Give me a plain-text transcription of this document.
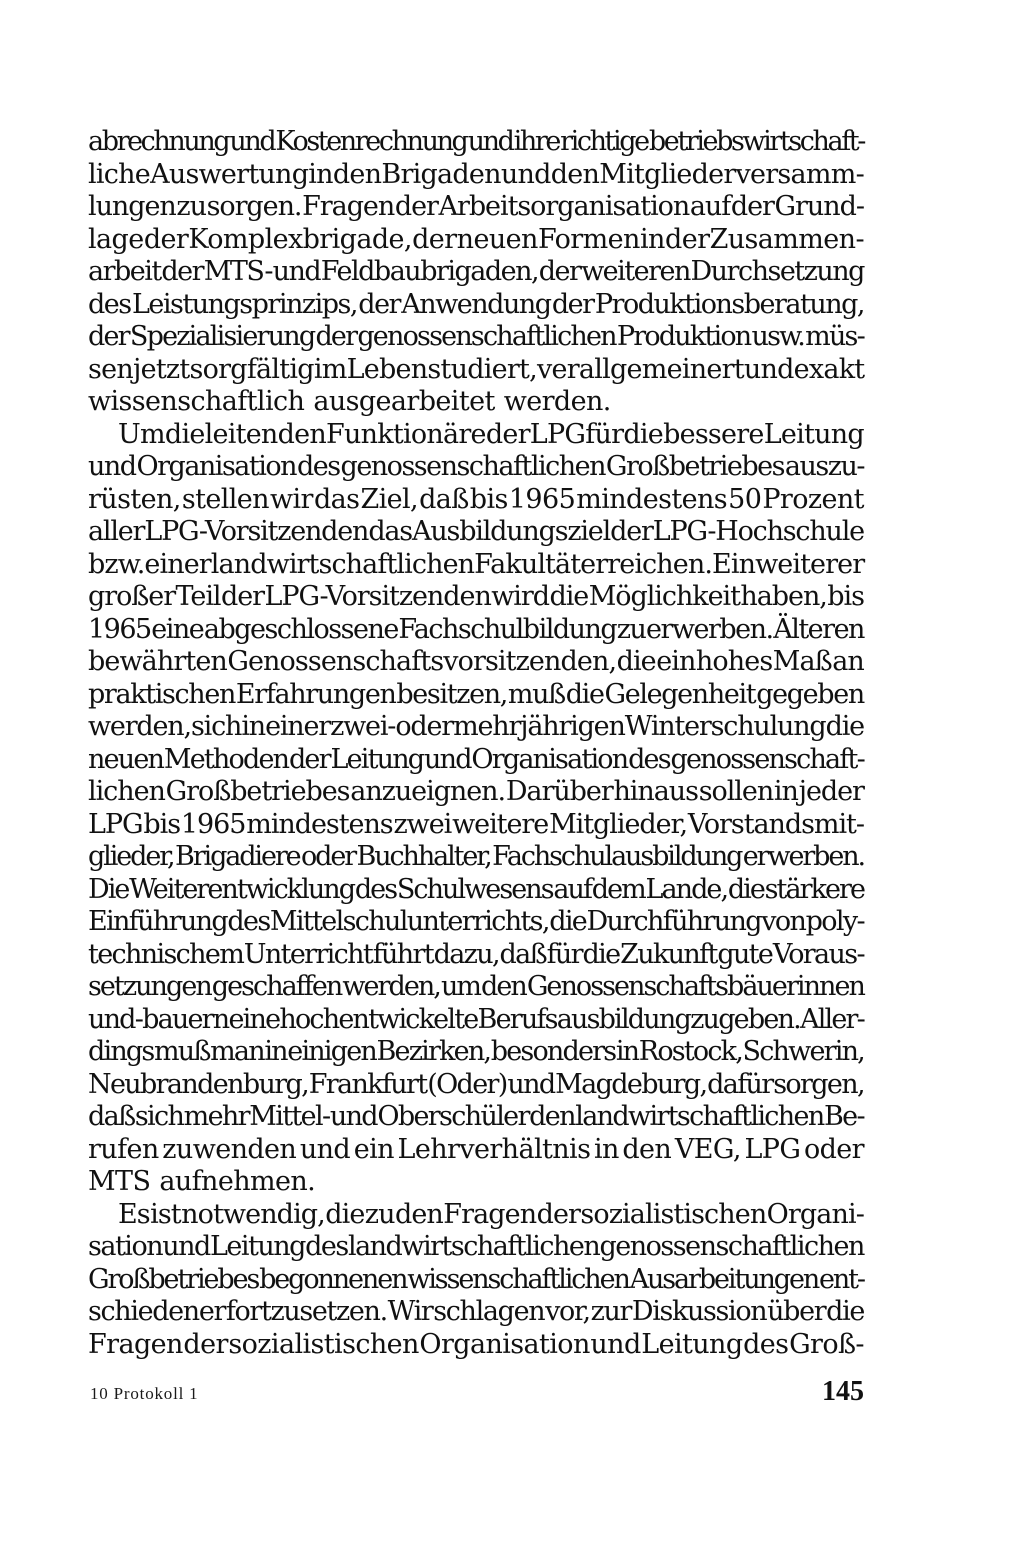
abrechnung und Kostenrechnung und ihre richtige betriebswirtschaft-
liche Auswertung in den Brigaden und den Mitgliederversamm-
lungen zu sorgen. Fragen der Arbeitsorganisation auf der Grund-
lage der Komplexbrigade, der neuen Formen in der Zusammen-
arbeit der MTS- und Feldbaubrigaden, der weiteren Durchsetzung
des Leistungsprinzips, der Anwendung der Produktionsberatung,
der Spezialisierung der genossenschaftlichen Produktion usw. müs-
sen jetzt sorgfältig im Leben studiert, verallgemeinert und exakt
wissenschaftlich ausgearbeitet werden.
Um die leitenden Funktionäre der LPG für die bessere Leitung
und Organisation des genossenschaftlichen Großbetriebes auszu-
rüsten, stellen wir das Ziel, daß bis 1965 mindestens 50 Prozent
aller LPG-Vorsitzenden das Ausbildungsziel der LPG-Hochschule
bzw. einer landwirtschaftlichen Fakultät erreichen. Ein weiterer
großer Teil der LPG-Vorsitzenden wird die Möglichkeit haben, bis
1965 eine abgeschlossene Fachschulbildung zu erwerben. Älteren
bewährten Genossenschaftsvorsitzenden, die ein hohes Maß an
praktischen Erfahrungen besitzen, muß die Gelegenheit gegeben
werden, sich in einer zwei- oder mehrjährigen Winterschulung die
neuen Methoden der Leitung und Organisation des genossenschaft-
lichen Großbetriebes anzueignen. Darüber hinaus sollen in jeder
LPG bis 1965 mindestens zwei weitere Mitglieder, Vorstandsmit-
glieder, Brigadiere oder Buchhalter, Fachschulausbildung erwerben.
Die Weiterentwicklung des Schulwesens auf dem Lande, die stärkere
Einführung des Mittelschulunterrichts, die Durchführung von poly-
technischem Unterricht führt dazu, daß für die Zukunft gute Voraus-
setzungen geschaffen werden, um den Genossenschaftsbäuerinnen
und -bauern eine hochentwickelte Berufsausbildung zu geben. Aller-
dings muß man in einigen Bezirken, besonders in Rostock, Schwerin,
Neubrandenburg, Frankfurt (Oder) und Magdeburg, dafür sorgen,
daß sich mehr Mittel- und Oberschüler den landwirtschaftlichen Be-
rufen zuwenden und ein Lehrverhältnis in den VEG, LPG oder
MTS aufnehmen.
Es ist notwendig, die zu den Fragen der sozialistischen Organi-
sation und Leitung des landwirtschaftlichen genossenschaftlichen
Großbetriebes begonnenen wissenschaftlichen Ausarbeitungen ent-
schiedener fortzusetzen. Wir schlagen vor, zur Diskussion über die
Fragen der sozialistischen Organisation und Leitung des Groß-
10 Protokoll 1	145
